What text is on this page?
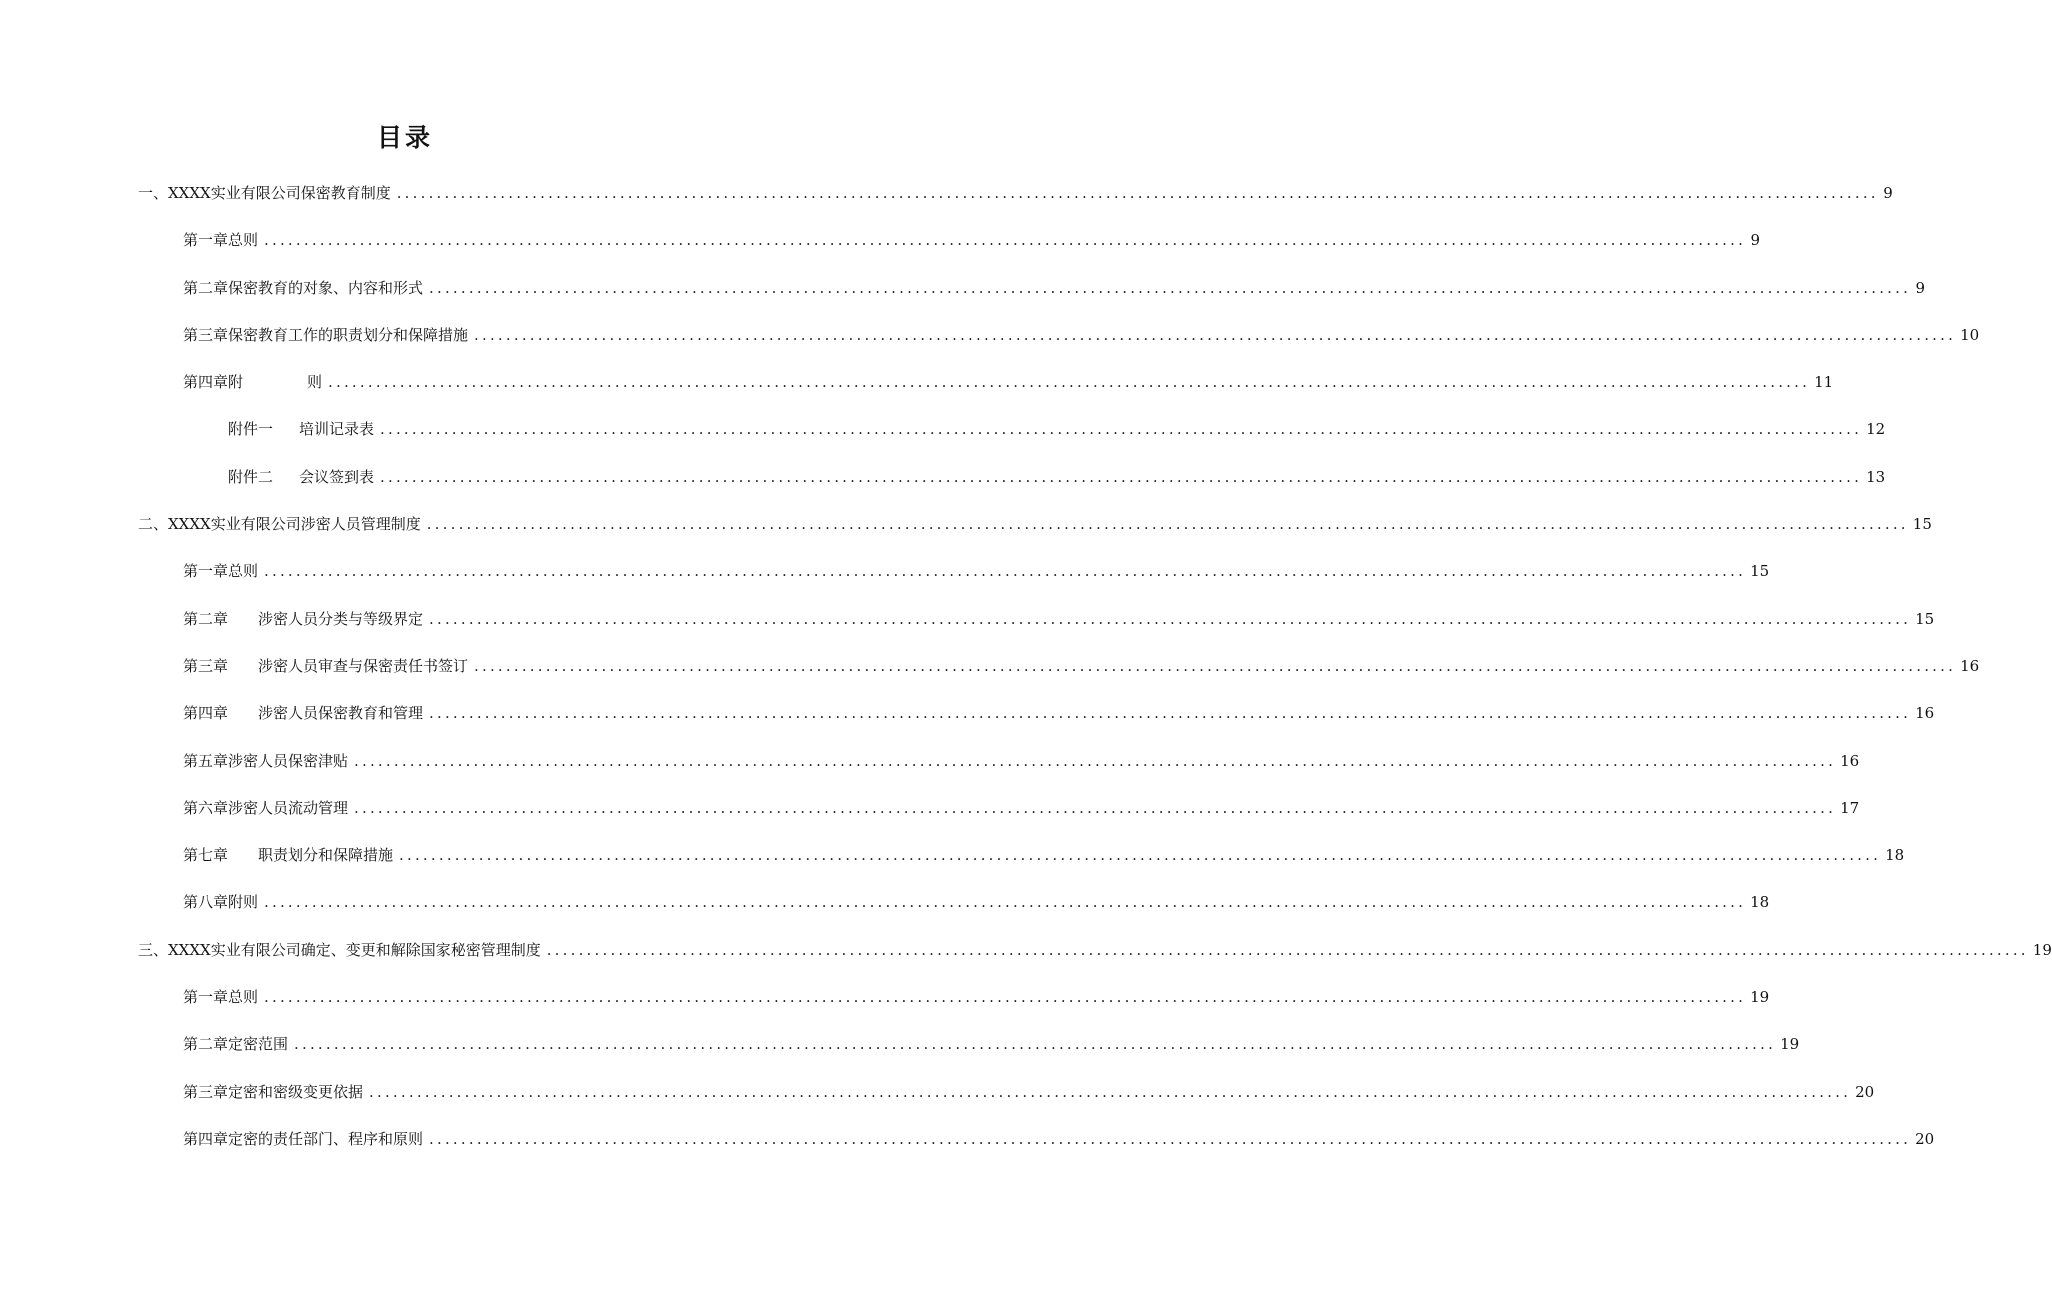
目录
一、XXXX实业有限公司保密教育制度 .......................................................................................................................................................................................... 9
第一章总则 .......................................................................................................................................................................................... 9
第二章保密教育的对象、内容和形式 .......................................................................................................................................................................................... 9
第三章保密教育工作的职责划分和保障措施 .......................................................................................................................................................................................... 10
第四章附	则 .......................................................................................................................................................................................... 11
附件一 培训记录表 .......................................................................................................................................................................................... 12
附件二 会议签到表 .......................................................................................................................................................................................... 13
二、XXXX实业有限公司涉密人员管理制度 .......................................................................................................................................................................................... 15
第一章总则 .......................................................................................................................................................................................... 15
第二章 涉密人员分类与等级界定 .......................................................................................................................................................................................... 15
第三章 涉密人员审查与保密责任书签订 .......................................................................................................................................................................................... 16
第四章 涉密人员保密教育和管理 .......................................................................................................................................................................................... 16
第五章涉密人员保密津贴 .......................................................................................................................................................................................... 16
第六章涉密人员流动管理 .......................................................................................................................................................................................... 17
第七章 职责划分和保障措施 .......................................................................................................................................................................................... 18
第八章附则 .......................................................................................................................................................................................... 18
三、XXXX实业有限公司确定、变更和解除国家秘密管理制度 .......................................................................................................................................................................................... 19
第一章总则 .......................................................................................................................................................................................... 19
第二章定密范围 .......................................................................................................................................................................................... 19
第三章定密和密级变更依据 .......................................................................................................................................................................................... 20
第四章定密的责任部门、程序和原则 .......................................................................................................................................................................................... 20
